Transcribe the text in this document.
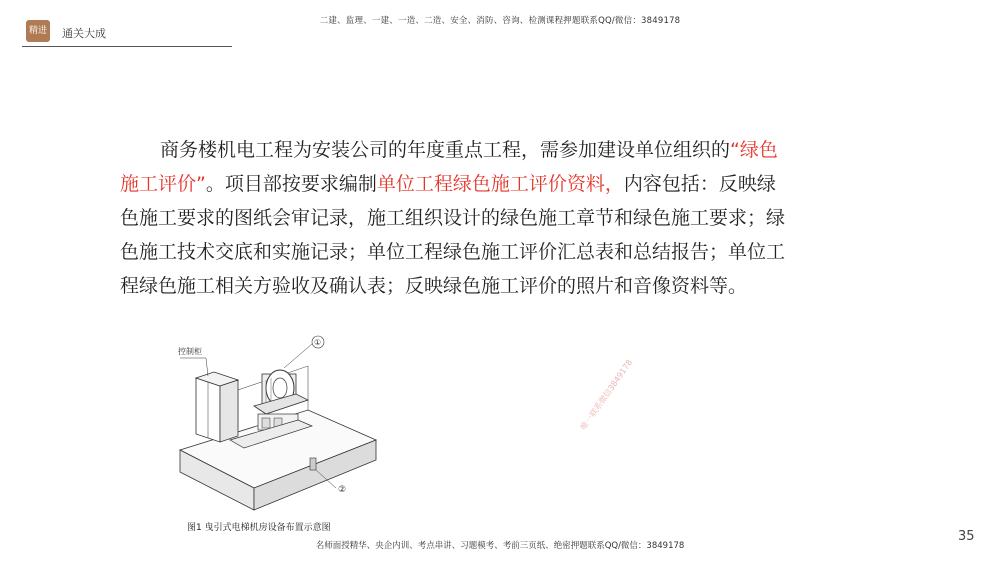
精进 通关大成
二建、监理、一建、一造、二造、安全、消防、咨询、检测课程押题联系QQ/微信：3849178

商务楼机电工程为安装公司的年度重点工程，需参加建设单位组织的“绿色施工评价”。项目部按要求编制单位工程绿色施工评价资料，内容包括：反映绿色施工要求的图纸会审记录，施工组织设计的绿色施工章节和绿色施工要求；绿色施工技术交底和实施记录；单位工程绿色施工评价汇总表和总结报告；单位工程绿色施工相关方验收及确认表；反映绿色施工评价的照片和音像资料等。

控制柜
①
②
图1 曳引式电梯机房设备布置示意图
唯一联系微信3849178
35
名师面授精华、央企内训、考点串讲、习题模考、考前三页纸、绝密押题联系QQ/微信：3849178
